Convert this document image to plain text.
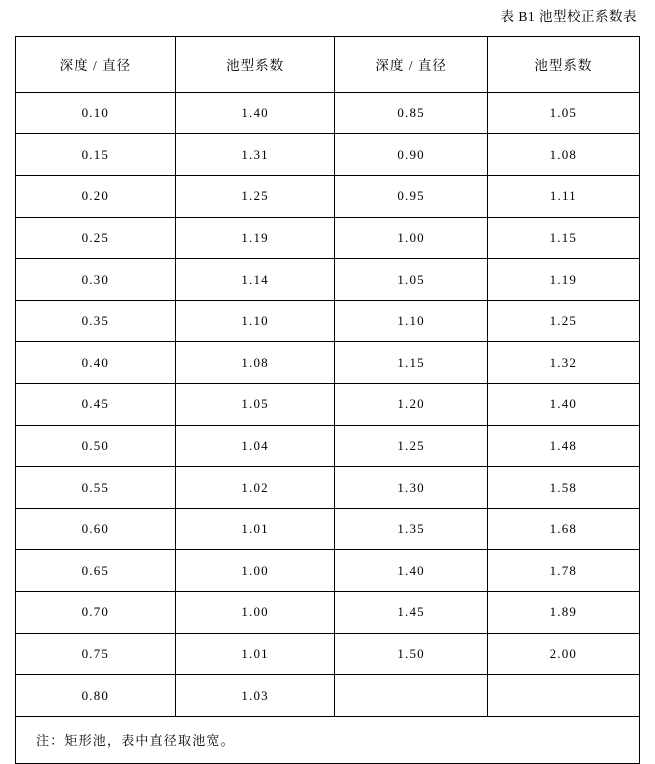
表 B1 池型校正系数表
深度 / 直径	池型系数	深度 / 直径	池型系数
0.10	1.40	0.85	1.05
0.15	1.31	0.90	1.08
0.20	1.25	0.95	1.11
0.25	1.19	1.00	1.15
0.30	1.14	1.05	1.19
0.35	1.10	1.10	1.25
0.40	1.08	1.15	1.32
0.45	1.05	1.20	1.40
0.50	1.04	1.25	1.48
0.55	1.02	1.30	1.58
0.60	1.01	1.35	1.68
0.65	1.00	1.40	1.78
0.70	1.00	1.45	1.89
0.75	1.01	1.50	2.00
0.80	1.03		
注：矩形池，表中直径取池宽。			
